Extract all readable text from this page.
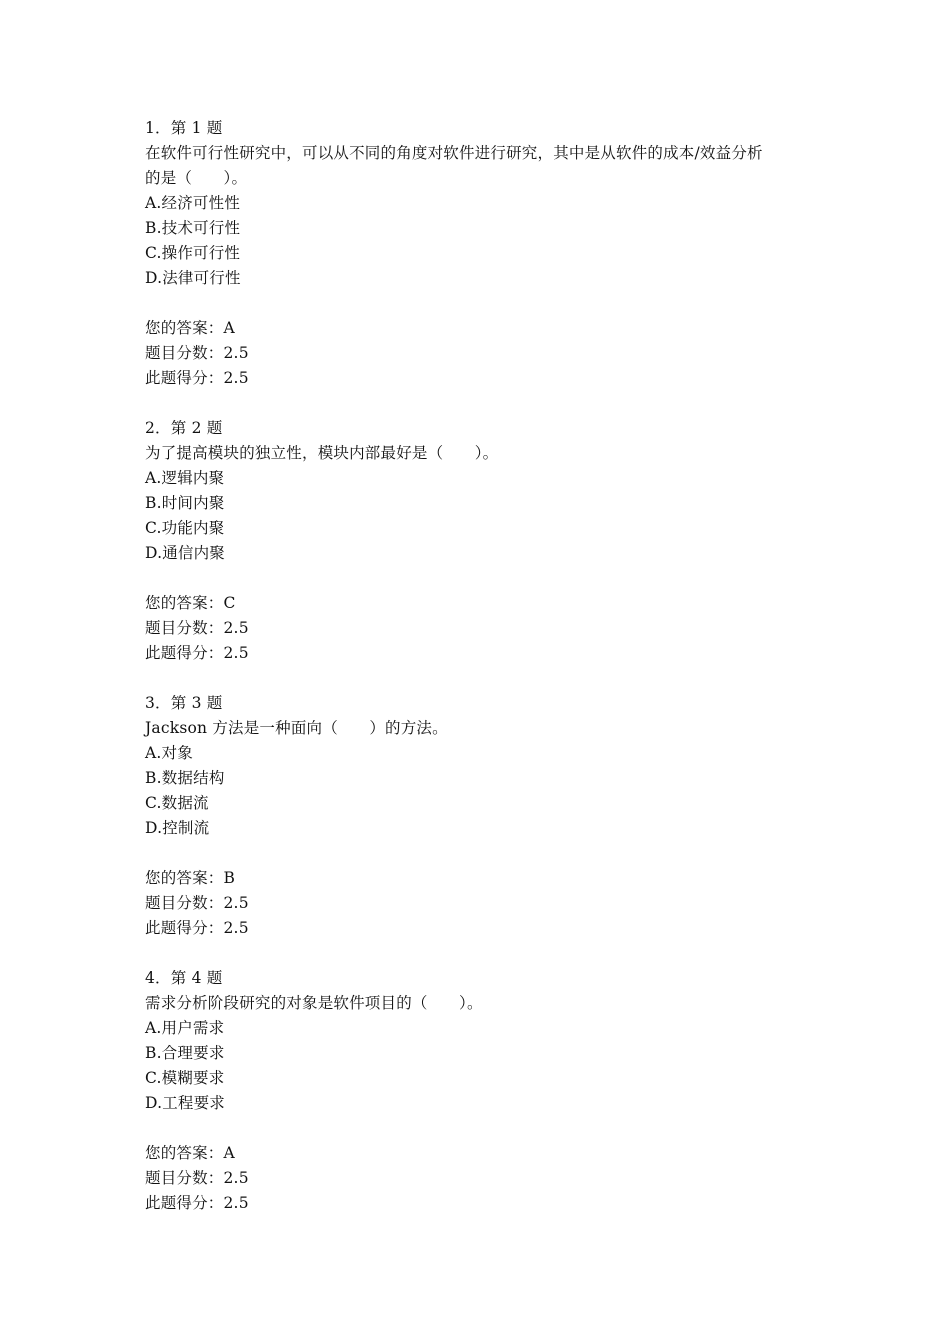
1．第 1 题
在软件可行性研究中，可以从不同的角度对软件进行研究，其中是从软件的成本/效益分析
的是（　　）。
A.经济可性性
B.技术可行性
C.操作可行性
D.法律可行性
您的答案：A
题目分数：2.5
此题得分：2.5
2．第 2 题
为了提高模块的独立性，模块内部最好是（　　）。
A.逻辑内聚
B.时间内聚
C.功能内聚
D.通信内聚
您的答案：C
题目分数：2.5
此题得分：2.5
3．第 3 题
Jackson 方法是一种面向（　　）的方法。
A.对象
B.数据结构
C.数据流
D.控制流
您的答案：B
题目分数：2.5
此题得分：2.5
4．第 4 题
需求分析阶段研究的对象是软件项目的（　　）。
A.用户需求
B.合理要求
C.模糊要求
D.工程要求
您的答案：A
题目分数：2.5
此题得分：2.5
